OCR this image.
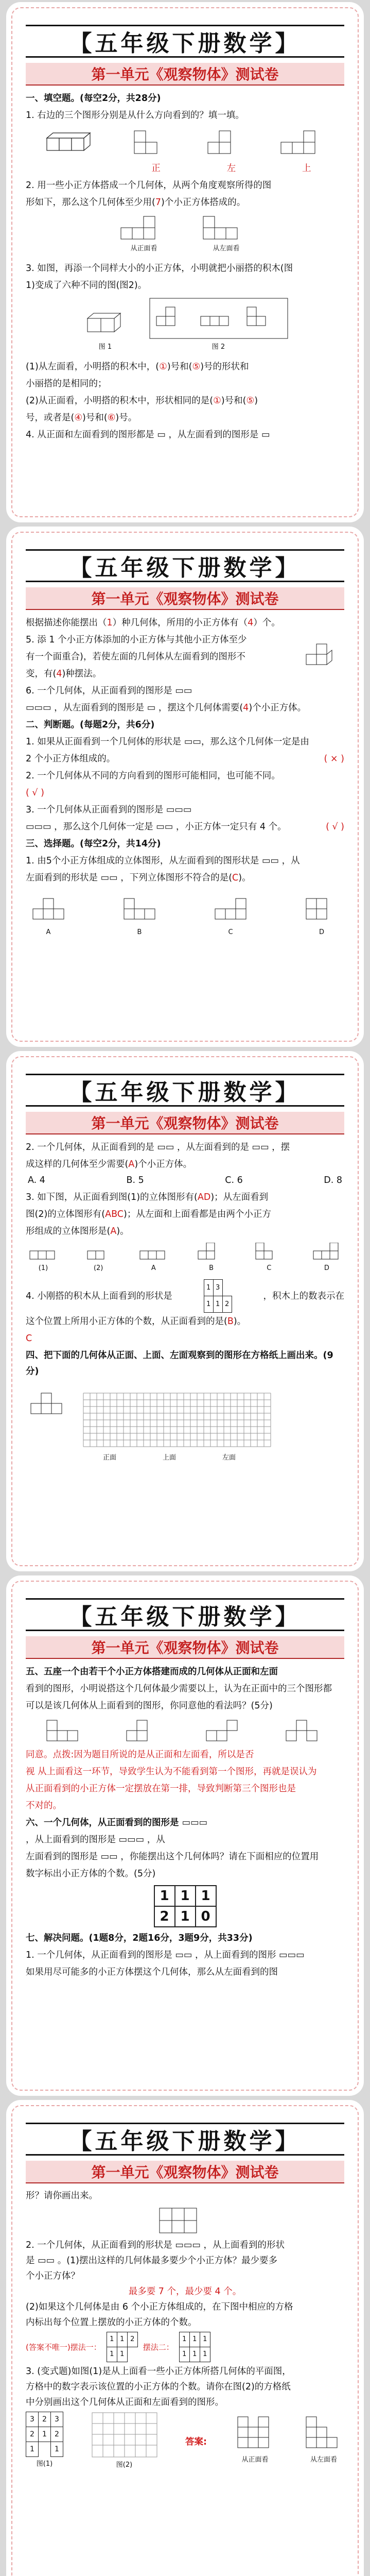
【五年级下册数学】
第一单元《观察物体》测试卷

一、填空题。(每空2分，共28分)

1. 右边的三个图形分别是从什么方向看到的？填一填。

正	左	上

2. 用一些小正方体搭成一个几何体，从两个角度观察所得的图

形如下，那么这个几何体至少用(7)个小正方体搭成的。

从正面看	从左面看

3. 如图，再添一个同样大小的小正方体，小明就把小丽搭的积木(图

1)变成了六种不同的图(图2)。

图 1	图 2

(1)从左面看，小明搭的积木中，(①)号和(⑤)号的形状和

小丽搭的是相同的；

(2)从正面看，小明搭的积木中，形状相同的是(①)号和(⑤)

号，或者是(④)号和(⑥)号。

4. 从正面和左面看到的图形都是 ▭ ，从左面看到的图形是 ▭

【五年级下册数学】
第一单元《观察物体》测试卷

根据描述你能摆出（1）种几何体，所用的小正方体有（4）个。

5. 添 1 个小正方体添加的小正方体与其他小正方体至少

有一个面重合)，若使左面的几何体从左面看到的图形不

变，有(4)种摆法。

6. 一个几何体，从正面看到的图形是 ▭▭

▭▭▭ ，从左面看到的图形是 ▭ ，摆这个几何体需要(4)个小正方体。

二、判断题。(每题2分，共6分)

1. 如果从正面看到一个几何体的形状是 ▭▭，那么这个几何体一定是由

2 个小正方体组成的。	( × )

2. 一个几何体从不同的方向看到的图形可能相同，也可能不同。

( √ )

3. 一个几何体从正面看到的图形是 ▭▭▭

▭▭▭ ，那么这个几何体一定是 ▭▭ ，小正方体一定只有 4 个。	( √ )

三、选择题。(每空2分，共14分)

1. 由5个小正方体组成的立体图形，从左面看到的图形状是 ▭▭ ，从

左面看到的形状是 ▭▭ ，下列立体图形不符合的是(C)。

A	B	C	D
【五年级下册数学】
第一单元《观察物体》测试卷

2. 一个几何体，从正面看到的是 ▭▭ ，从左面看到的是 ▭▭ ，摆

成这样的几何体至少需要(A)个小正方体。

A. 4	B. 5	C. 6	D. 8

3. 如下图，从正面看到图(1)的立体图形有(AD)；从左面看到

图(2)的立体图形有(ABC)；从左面和上面看都是由两个小正方

形组成的立体图形是(A)。

(1)	(2)	A	B	C	D

4. 小刚搭的积木从上面看到的形状是

1	3	
1	1	2

，积木上的数表示在

这个位置上所用小正方体的个数，从正面看到的是(B)。

C

四、把下面的几何体从正面、上面、左面观察到的图形在方格纸上画出来。(9分)

正面	上面	左面
【五年级下册数学】
第一单元《观察物体》测试卷

五、五座一个由若干个小正方体搭建而成的几何体从正面和左面

看到的图形，小明说搭这个几何体最少需要以上，认为在正面中的三个图形都

可以是该几何体从上面看到的图形，你同意他的看法吗？(5分)

同意。点拨:因为题目所说的是从正面和左面看，所以是否

视 从上面看这一环节，导致学生认为不能看到第一个图形，再就是误认为

从正面看到的小正方体一定摆放在第一排，导致判断第三个图形也是

不对的。

六、一个几何体，从正面看到的图形是 ▭▭▭

，从上面看到的图形是 ▭▭▭ ，从

左面看到的图形是 ▭▭ ，你能摆出这个几何体吗？请在下面相应的位置用

数字标出小正方体的个数。(5分)

1	1	1
2	1	0

七、解决问题。(1题8分，2题16分，3题9分，共33分)

1. 一个几何体，从正面看到的图形是 ▭▭ ，从上面看到的图形 ▭▭▭

如果用尽可能多的小正方体摆这个几何体，那么从左面看到的图

【五年级下册数学】
第一单元《观察物体》测试卷

形？请你画出来。

2. 一个几何体，从正面看到的形状是 ▭▭▭ ，从上面看到的形状

是 ▭▭ 。(1)摆出这样的几何体最多要少个小正方体？最少要多

个小正方体？

最多要 7 个，最少要 4 个。

(2)如果这个几何体是由 6 个小正方体组成的，在下图中相应的方格

内标出每个位置上摆放的小正方体的个数。

(答案不唯一)摆法一：
1	1	2
1	1	
摆法二：
1	1	1
1	1	1

3. (变式题)如图(1)是从上面看一些小正方体所搭几何体的平面图，

方格中的数字表示该位置的小正方体的个数。请你在图(2)的方格纸

中分别画出这个几何体从正面和左面看到的图形。

3	2	3
2	1	2
1		1
图(1)	图(2)
答案:
从正面看	从左面看
